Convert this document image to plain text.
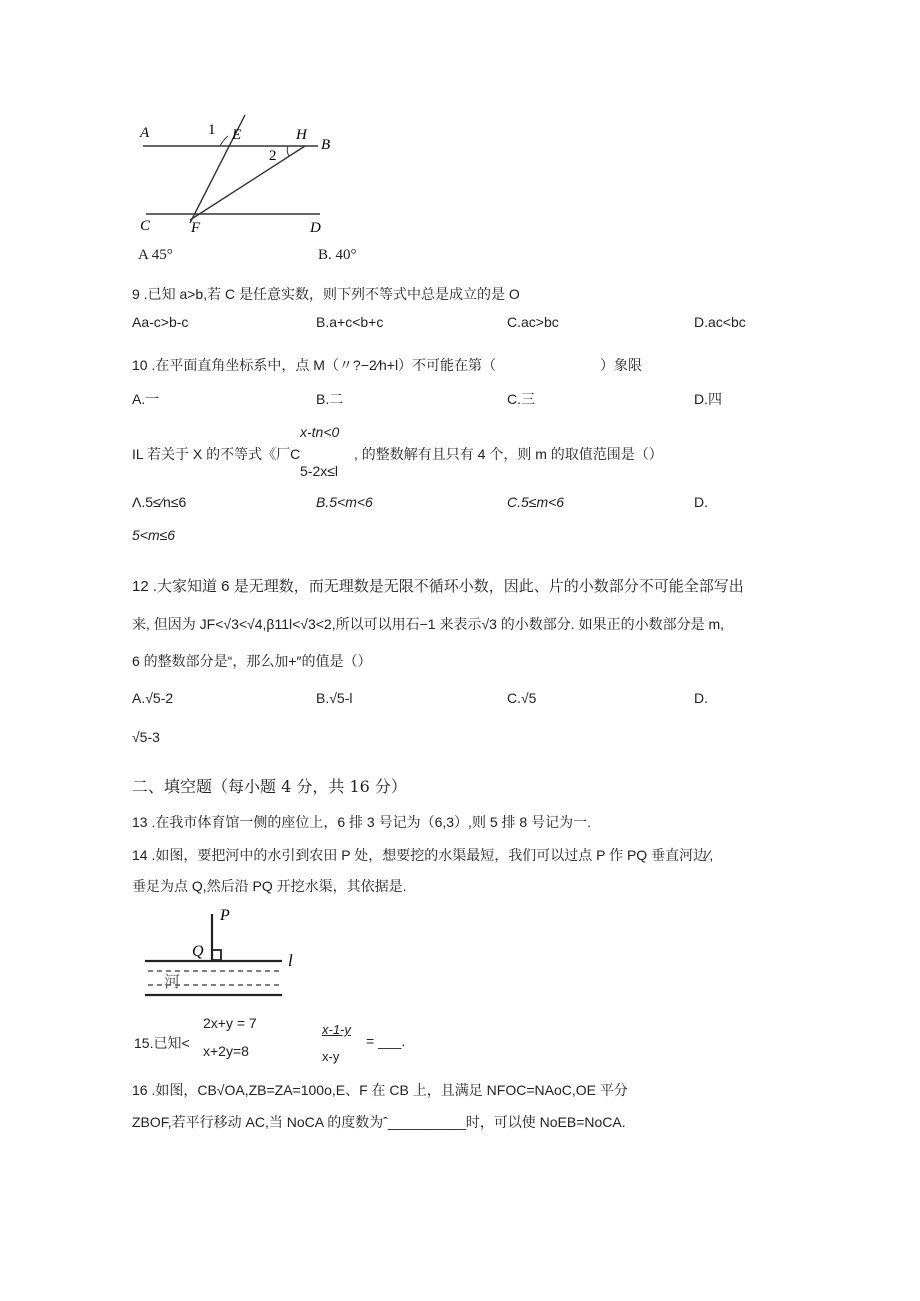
A	1 E	H
B
2
C	F	D
A 45°	B. 40°
9 .已知 a>b,若 C 是任意实数，则下列不等式中总是成立的是 O
Aa-c>b-c	B.a+c<b+c	C.ac>bc	D.ac<bc
10 .在平面直角坐标系中，点 M（〃?−2∕h+l）不可能在第（	）象限
A.一	B.二	C.三	D.四
x-tn<0
IL 若关于 X 的不等式《厂C	, 的整数解有且只有 4 个，则 m 的取值范围是（）
5-2x≤l
Λ.5≤∕n≤6	B.5<m<6	C.5≤m<6	D.
5<m≤6
12 .大家知道 6 是无理数，而无理数是无限不循环小数，因此、片的小数部分不可能全部写出
来, 但因为 JF<√3<√4,β11l<√3<2,所以可以用石−1 来表示√3 的小数部分. 如果正的小数部分是 m,
6 的整数部分是“，那么加+″的值是（）
A.√5-2	B.√5-l	C.√5	D.
√5-3
二、填空题（每小题 4 分，共 16 分）
13 .在我市体育馆一侧的座位上，6 排 3 号记为（6,3）,则 5 排 8 号记为一.
14 .如图，要把河中的水引到农田 P 处，想要挖的水渠最短，我们可以过点 P 作 PQ 垂直河边∕,
垂足为点 Q,然后沿 PQ 开挖水渠，其依据是.
P
Q	l
河
2x+y = 7
15.已知< x+2y=8
x-1-y
x-y
= ___.
16 .如图，CB√OA,ZB=ZA=100o,E、F 在 CB 上，且满足 NFOC=NAoC,OE 平分
ZBOF,若平行移动 AC,当 NoCA 的度数为ˆ__________时，可以使 NoEB=NoCA.
